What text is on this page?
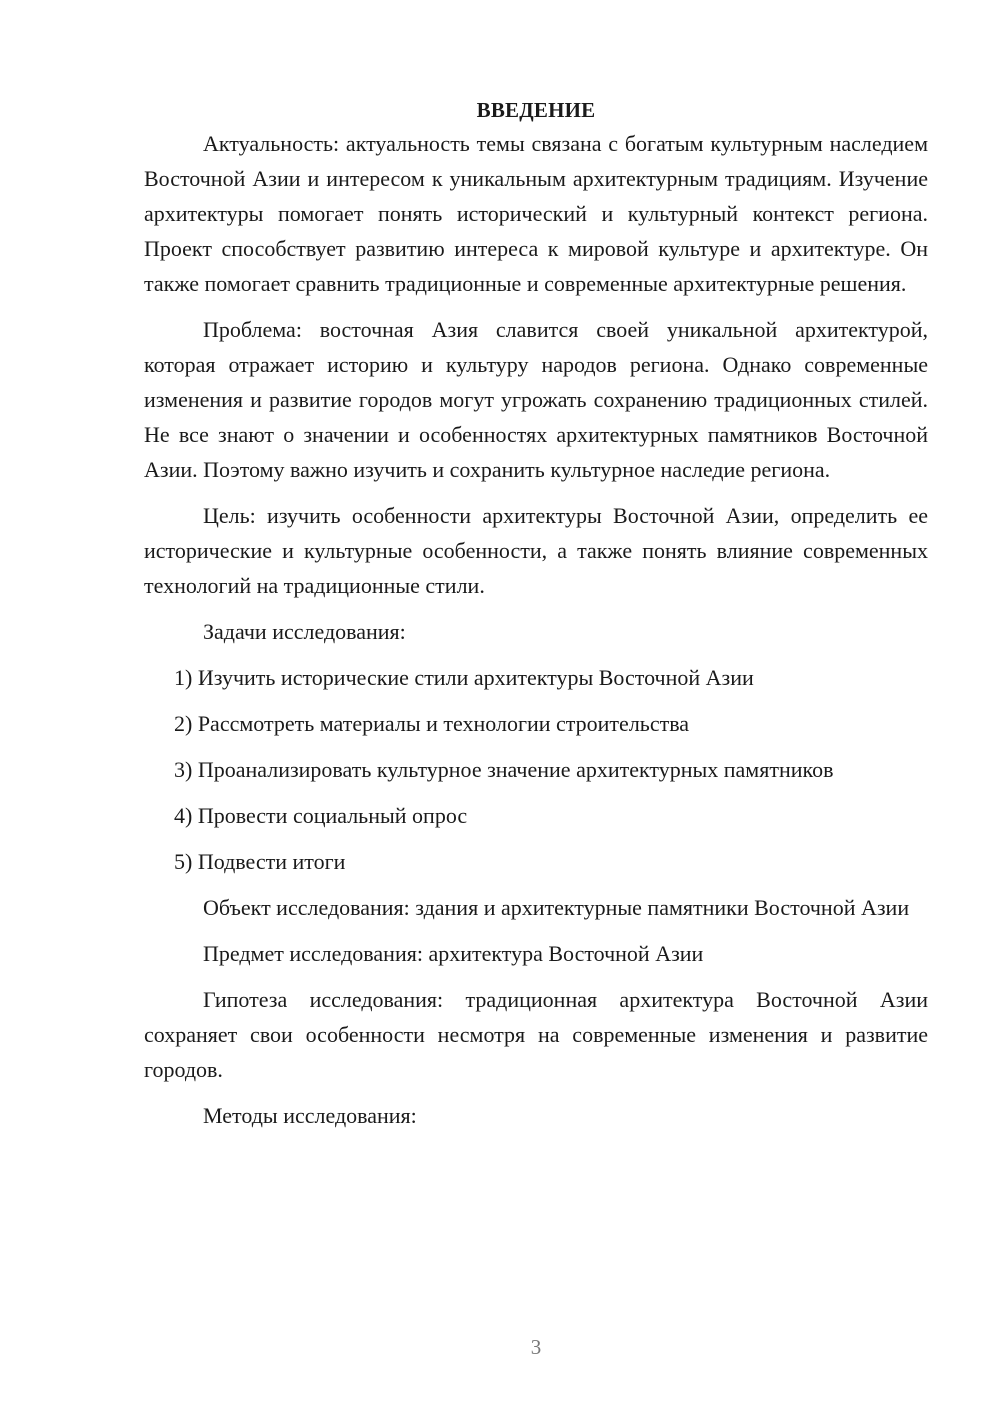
ВВЕДЕНИЕ

Актуальность: актуальность темы связана с богатым культурным наследием Восточной Азии и интересом к уникальным архитектурным традициям. Изучение архитектуры помогает понять исторический и культурный контекст региона. Проект способствует развитию интереса к мировой культуре и архитектуре. Он также помогает сравнить традиционные и современные архитектурные решения.

Проблема: восточная Азия славится своей уникальной архитектурой, которая отражает историю и культуру народов региона. Однако современные изменения и развитие городов могут угрожать сохранению традиционных стилей. Не все знают о значении и особенностях архитектурных памятников Восточной Азии. Поэтому важно изучить и сохранить культурное наследие региона.

Цель: изучить особенности архитектуры Восточной Азии, определить ее исторические и культурные особенности, а также понять влияние современных технологий на традиционные стили.

Задачи исследования:

1) Изучить исторические стили архитектуры Восточной Азии

2) Рассмотреть материалы и технологии строительства

3) Проанализировать культурное значение архитектурных памятников

4) Провести социальный опрос

5) Подвести итоги

Объект исследования: здания и архитектурные памятники Восточной Азии

Предмет исследования: архитектура Восточной Азии

Гипотеза исследования: традиционная архитектура Восточной Азии сохраняет свои особенности несмотря на современные изменения и развитие городов.

Методы исследования:

3
